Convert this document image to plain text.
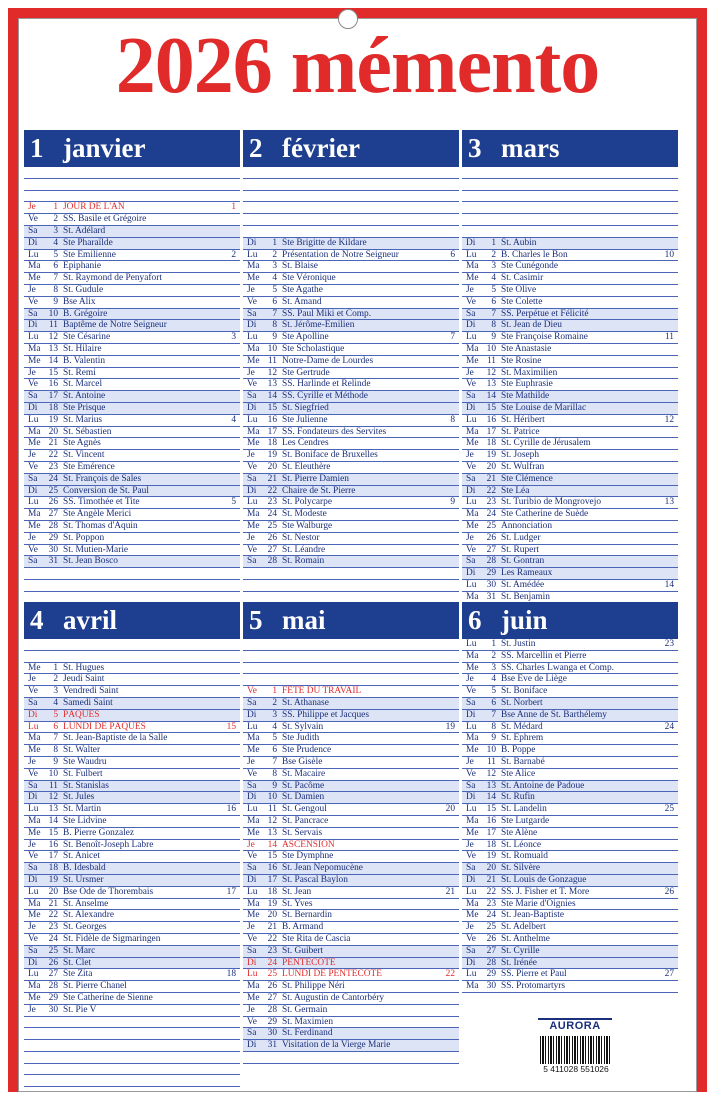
2026 mémento
1 janvier
Je	1 JOUR DE L'AN	1
Ve	2 SS. Basile et Grégoire
Sa	3 St. Adélard
Di	4 Ste Pharaïlde
Lu	5 Ste Emilienne	2
Ma	6 Epiphanie
Me	7 St. Raymond de Penyafort
Je	8 St. Gudule
Ve	9 Bse Alix
Sa	10 B. Grégoire
Di	11 Baptême de Notre Seigneur
Lu	12 Ste Césarine	3
Ma 13 St. Hilaire
Me 14 B. Valentin
Je	15 St. Remi
Ve	16 St. Marcel
Sa	17 St. Antoine
Di	18 Ste Prisque
Lu	19 St. Marius	4
Ma 20 St. Sébastien
Me 21 Ste Agnès
Je	22 St. Vincent
Ve	23 Ste Emérence
Sa	24 St. François de Sales
Di	25 Conversion de St. Paul
Lu	26 SS. Timothée et Tite	5
Ma 27 Ste Angèle Merici
Me 28 St. Thomas d'Aquin
Je	29 St. Poppon
Ve	30 St. Mutien-Marie
Sa	31 St. Jean Bosco
2 février
Di	1 Ste Brigitte de Kildare
Lu	2 Présentation de Notre Seigneur	6
Ma	3 St. Blaise
Me	4 Ste Véronique
Je	5 Ste Agathe
Ve	6 St. Amand
Sa	7 SS. Paul Miki et Comp.
Di	8 St. Jérôme-Emilien
Lu	9 Ste Apolline	7
Ma 10 Ste Scholastique
Me 11 Notre-Dame de Lourdes
Je	12 Ste Gertrude
Ve	13 SS. Harlinde et Relinde
Sa	14 SS. Cyrille et Méthode
Di	15 St. Siegfried
Lu	16 Ste Julienne	8
Ma 17 SS. Fondateurs des Servites
Me 18 Les Cendres
Je	19 St. Boniface de Bruxelles
Ve	20 St. Eleuthère
Sa	21 St. Pierre Damien
Di	22 Chaire de St. Pierre
Lu	23 St. Polycarpe	9
Ma 24 St. Modeste
Me 25 Ste Walburge
Je	26 St. Nestor
Ve	27 St. Léandre
Sa	28 St. Romain
3 mars
Di	1 St. Aubin
Lu	2 B. Charles le Bon	10
Ma	3 Ste Cunégonde
Me	4 St. Casimir
Je	5 Ste Olive
Ve	6 Ste Colette
Sa	7 SS. Perpétue et Félicité
Di	8 St. Jean de Dieu
Lu	9 Ste Françoise Romaine	11
Ma 10 Ste Anastasie
Me 11 Ste Rosine
Je	12 St. Maximilien
Ve	13 Ste Euphrasie
Sa	14 Ste Mathilde
Di	15 Ste Louise de Marillac
Lu	16 St. Héribert	12
Ma 17 St. Patrice
Me 18 St. Cyrille de Jérusalem
Je	19 St. Joseph
Ve	20 St. Wulfran
Sa	21 Ste Clémence
Di	22 Ste Léa
Lu	23 St. Turibio de Mongrovejo	13
Ma 24 Ste Catherine de Suède
Me 25 Annonciation
Je	26 St. Ludger
Ve	27 St. Rupert
Sa	28 St. Gontran
Di	29 Les Rameaux
Lu	30 St. Amédée	14
Ma 31 St. Benjamin
4 avril
Me	1 St. Hugues
Je	2 Jeudi Saint
Ve	3 Vendredi Saint
Sa	4 Samedi Saint
Di	5 PÂQUES
Lu	6 LUNDI DE PÂQUES	15
Ma	7 St. Jean-Baptiste de la Salle
Me	8 St. Walter
Je	9 Ste Waudru
Ve	10 St. Fulbert
Sa	11 St. Stanislas
Di	12 St. Jules
Lu	13 St. Martin	16
Ma 14 Ste Lidvine
Me 15 B. Pierre Gonzalez
Je	16 St. Benoît-Joseph Labre
Ve	17 St. Anicet
Sa	18 B. Idesbald
Di	19 St. Ursmer
Lu	20 Bse Ode de Thorembais	17
Ma 21 St. Anselme
Me 22 St. Alexandre
Je	23 St. Georges
Ve	24 St. Fidèle de Sigmaringen
Sa	25 St. Marc
Di	26 St. Clet
Lu	27 Ste Zita	18
Ma 28 St. Pierre Chanel
Me 29 Ste Catherine de Sienne
Je	30 St. Pie V
5 mai
Ve	1 FÊTE DU TRAVAIL
Sa	2 St. Athanase
Di	3 SS. Philippe et Jacques
Lu	4 St. Sylvain	19
Ma	5 Ste Judith
Me	6 Ste Prudence
Je	7 Bse Gisèle
Ve	8 St. Macaire
Sa	9 St. Pacôme
Di	10 St. Damien
Lu	11 St. Gengoul	20
Ma 12 St. Pancrace
Me 13 St. Servais
Je	14 ASCENSION
Ve	15 Ste Dymphne
Sa	16 St. Jean Nepomucène
Di	17 St. Pascal Baylon
Lu	18 St. Jean	21
Ma 19 St. Yves
Me 20 St. Bernardin
Je	21 B. Armand
Ve	22 Ste Rita de Cascia
Sa	23 St. Guibert
Di	24 PENTECÔTE
Lu	25 LUNDI DE PENTECÔTE	22
Ma 26 St. Philippe Néri
Me 27 St. Augustin de Cantorbéry
Je	28 St. Germain
Ve	29 St. Maximien
Sa	30 St. Ferdinand
Di	31 Visitation de la Vierge Marie
6 juin
Lu	1 St. Justin	23
Ma	2 SS. Marcellin et Pierre
Me	3 SS. Charles Lwanga et Comp.
Je	4 Bse Eve de Liège
Ve	5 St. Boniface
Sa	6 St. Norbert
Di	7 Bse Anne de St. Barthélemy
Lu	8 St. Médard	24
Ma	9 St. Ephrem
Me 10 B. Poppe
Je	11 St. Barnabé
Ve	12 Ste Alice
Sa	13 St. Antoine de Padoue
Di	14 St. Rufin
Lu	15 St. Landelin	25
Ma 16 Ste Lutgarde
Me 17 Ste Alène
Je	18 St. Léonce
Ve	19 St. Romuald
Sa	20 St. Silvère
Di	21 St. Louis de Gonzague
Lu	22 SS. J. Fisher et T. More	26
Ma 23 Ste Marie d'Oignies
Me 24 St. Jean-Baptiste
Je	25 St. Adelbert
Ve	26 St. Anthelme
Sa	27 St. Cyrille
Di	28 St. Irénée
Lu	29 SS. Pierre et Paul	27
Ma 30 SS. Protomartyrs
AURORA
5 411028 551026
